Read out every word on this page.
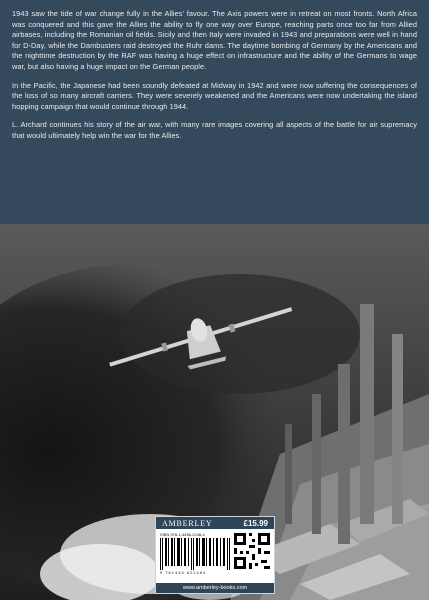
1943 saw the tide of war change fully in the Allies' favour. The Axis powers were in retreat on most fronts. North Africa was conquered and this gave the Allies the ability to fly one way over Europe, reaching parts once too far from Allied airbases, including the Romanian oil fields. Sicily and then Italy were invaded in 1943 and preparations were well in hand for D-Day, while the Dambusters raid destroyed the Ruhr dams. The daytime bombing of Germany by the Americans and the nighttime destruction by the RAF was having a huge effect on infrastructure and the ability of the Germans to wage war, but also having a huge impact on the German people.

In the Pacific, the Japanese had been soundly defeated at Midway in 1942 and were now suffering the consequences of the loss of so many aircraft carriers. They were severely weakened and the Americans were now undertaking the island hopping campaign that would continue through 1944.

L. Archard continues his story of the air war, with many rare images covering all aspects of the battle for air supremacy that would ultimately help win the war for the Allies.

AMBERLEY	£15.99
ISBN 978-1-4456-2248-4
9 781445 622484
www.amberley-books.com
